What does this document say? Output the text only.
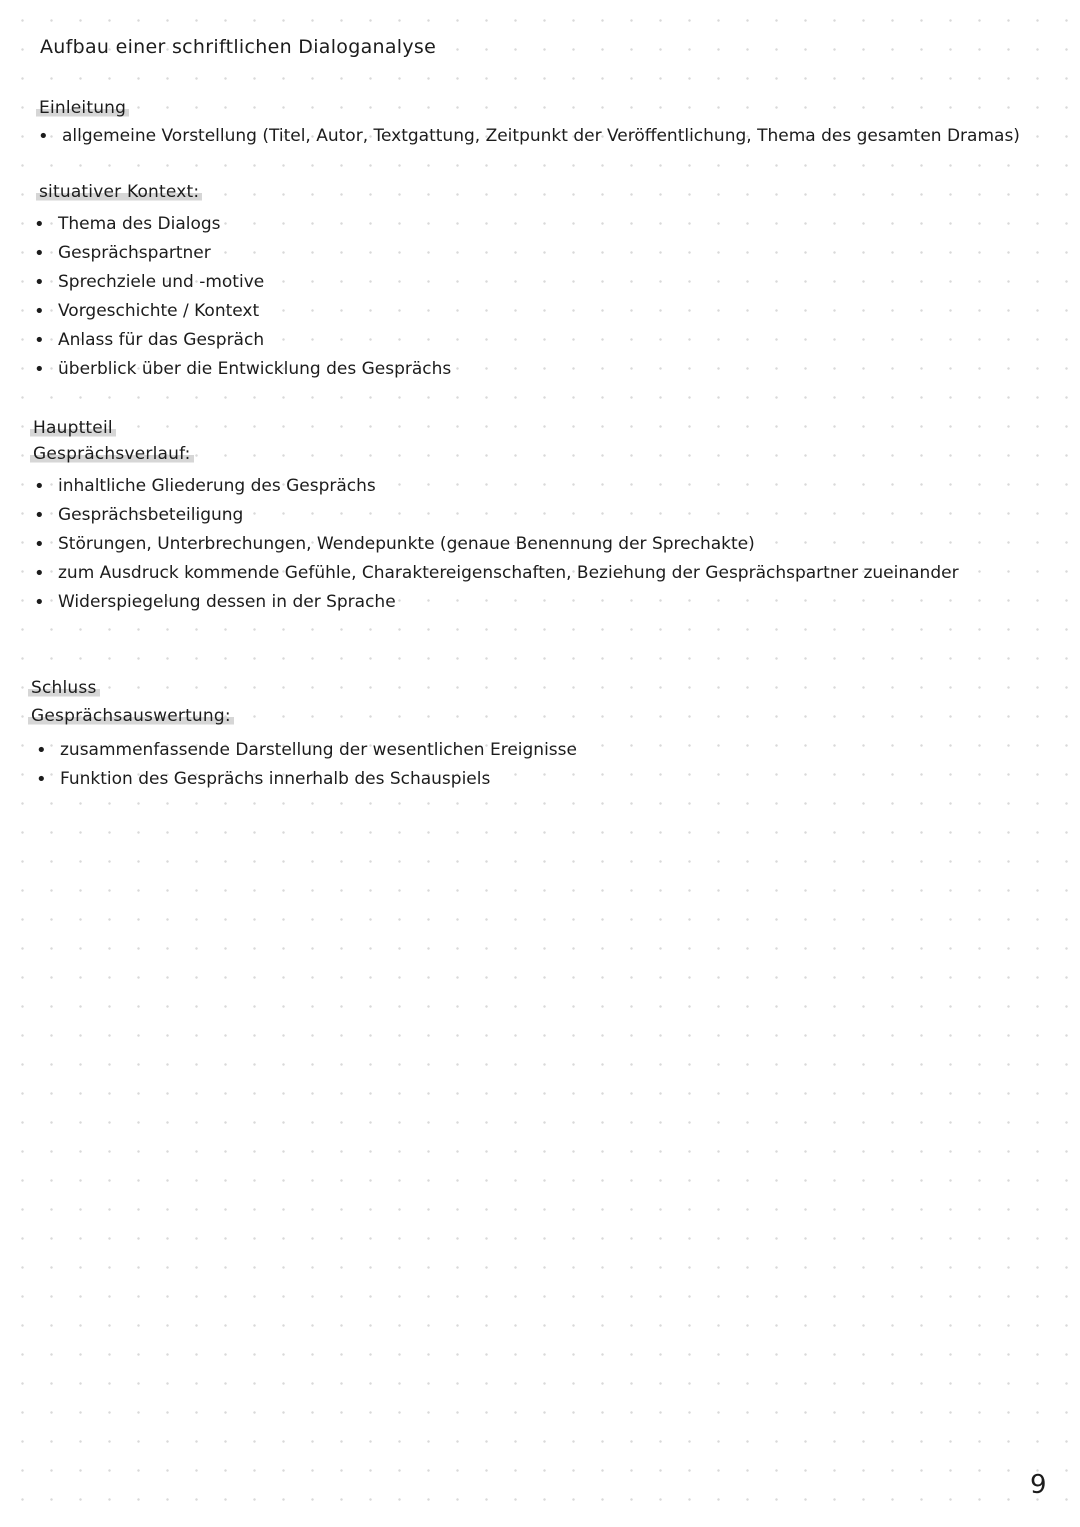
Aufbau einer schriftlichen Dialoganalyse
Einleitung
• allgemeine Vorstellung (Titel, Autor, Textgattung, Zeitpunkt der Veröffentlichung, Thema des gesamten Dramas)
situativer Kontext:
• Thema des Dialogs
• Gesprächspartner
• Sprechziele und -motive
• Vorgeschichte / Kontext
• Anlass für das Gespräch
• überblick über die Entwicklung des Gesprächs
Hauptteil
Gesprächsverlauf:
• inhaltliche Gliederung des Gesprächs
• Gesprächsbeteiligung
• Störungen, Unterbrechungen, Wendepunkte (genaue Benennung der Sprechakte)
• zum Ausdruck kommende Gefühle, Charaktereigenschaften, Beziehung der Gesprächspartner zueinander
• Widerspiegelung dessen in der Sprache
Schluss
Gesprächsauswertung:
• zusammenfassende Darstellung der wesentlichen Ereignisse
• Funktion des Gesprächs innerhalb des Schauspiels
9
